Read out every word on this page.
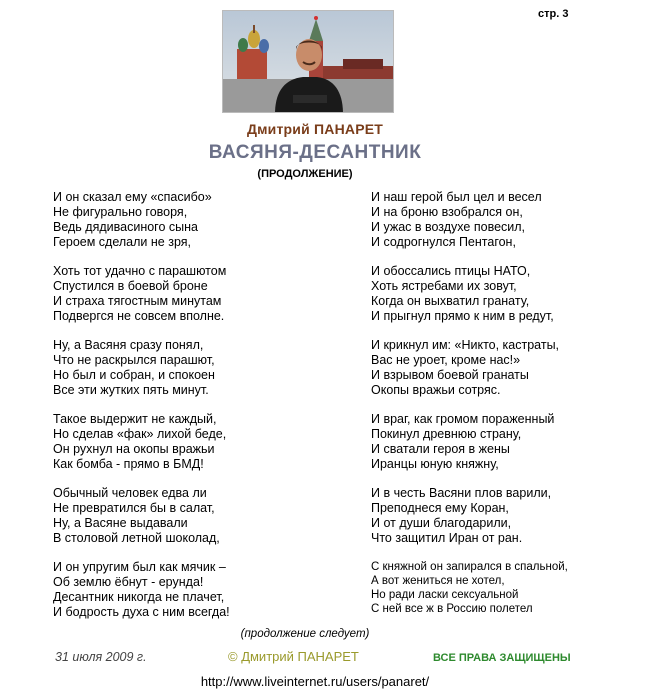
стр. 3
Дмитрий ПАНАРЕТ
ВАСЯНЯ-ДЕСАНТНИК
(ПРОДОЛЖЕНИЕ)
И он сказал ему «спасибо»
Не фигурально говоря,
Ведь дядивасиного сына
Героем сделали не зря,
Хоть тот удачно с парашютом
Спустился в боевой броне
И страха тягостным минутам
Подвергся не совсем вполне.
Ну, а Васяня сразу понял,
Что не раскрылся парашют,
Но был и собран, и спокоен
Все эти жутких пять минут.
Такое выдержит не каждый,
Но сделав «фак» лихой беде,
Он рухнул на окопы вражьи
Как бомба - прямо в БМД!
Обычный человек едва ли
Не превратился бы в салат,
Ну, а Васяне выдавали
В столовой летной шоколад,
И он упругим был как мячик –
Об землю ёбнут - ерунда!
Десантник никогда не плачет,
И бодрость духа с ним всегда!
И наш герой был цел и весел
И на броню взобрался он,
И ужас в воздухе повесил,
И содрогнулся Пентагон,
И обоссались птицы НАТО,
Хоть ястребами их зовут,
Когда он выхватил гранату,
И прыгнул прямо к ним в редут,
И крикнул им: «Никто, кастраты,
Вас не уроет, кроме нас!»
И взрывом боевой гранаты
Окопы вражьи сотряс.
И враг, как громом пораженный
Покинул древнюю страну,
И сватали героя в жены
Иранцы юную княжну,
И в честь Васяни плов варили,
Преподнеся ему Коран,
И от души благодарили,
Что защитил Иран от ран.
С княжной он запирался в спальной,
А вот жениться не хотел,
Но ради ласки сексуальной
С ней все ж в Россию полетел
(продолжение следует)
31 июля 2009 г.	© Дмитрий ПАНАРЕТ	ВСЕ ПРАВА ЗАЩИЩЕНЫ
http://www.liveinternet.ru/users/panaret/
